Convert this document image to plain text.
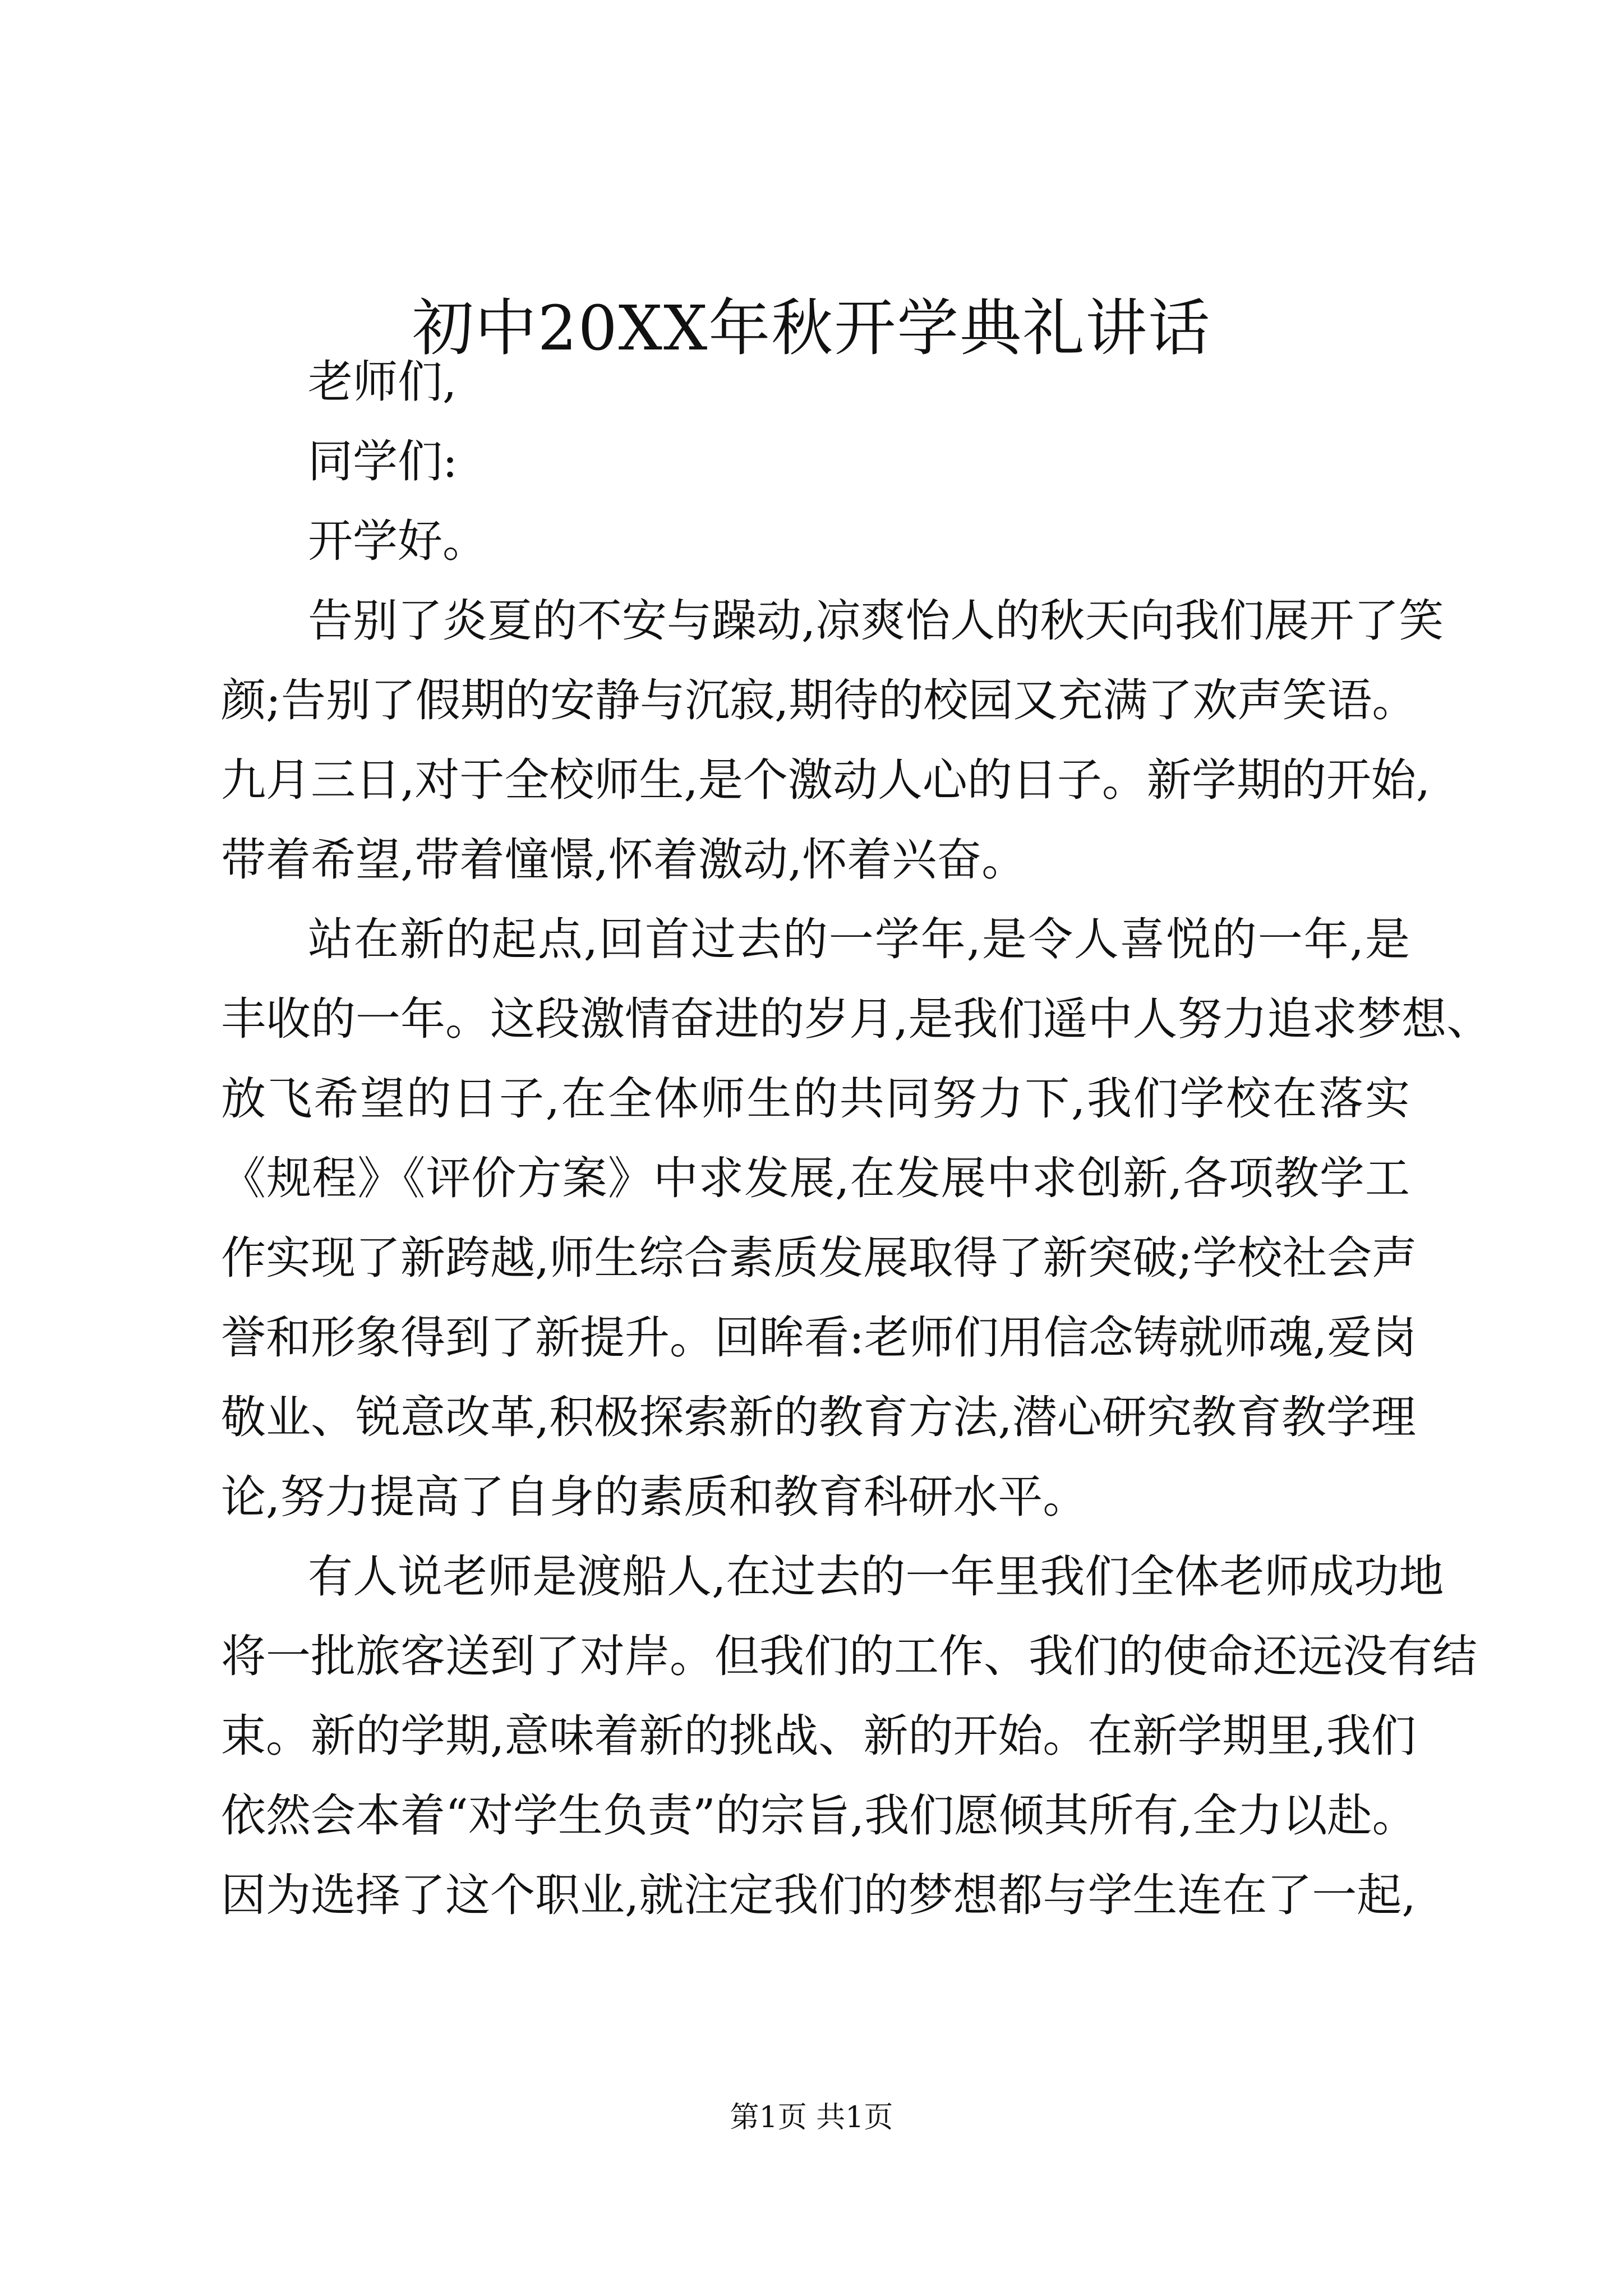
初中20XX年秋开学典礼讲话
老师们,
同学们:
开学好。
告别了炎夏的不安与躁动,凉爽怡人的秋天向我们展开了笑
颜;告别了假期的安静与沉寂,期待的校园又充满了欢声笑语。
九月三日,对于全校师生,是个激动人心的日子。新学期的开始,
带着希望,带着憧憬,怀着激动,怀着兴奋。
站在新的起点,回首过去的一学年,是令人喜悦的一年,是
丰收的一年。这段激情奋进的岁月,是我们遥中人努力追求梦想、
放飞希望的日子,在全体师生的共同努力下,我们学校在落实
《规程》《评价方案》中求发展,在发展中求创新,各项教学工
作实现了新跨越,师生综合素质发展取得了新突破;学校社会声
誉和形象得到了新提升。回眸看:老师们用信念铸就师魂,爱岗
敬业、锐意改革,积极探索新的教育方法,潜心研究教育教学理
论,努力提高了自身的素质和教育科研水平。
有人说老师是渡船人,在过去的一年里我们全体老师成功地
将一批旅客送到了对岸。但我们的工作、我们的使命还远没有结
束。新的学期,意味着新的挑战、新的开始。在新学期里,我们
依然会本着“对学生负责”的宗旨,我们愿倾其所有,全力以赴。
因为选择了这个职业,就注定我们的梦想都与学生连在了一起,
第1页 共1页
